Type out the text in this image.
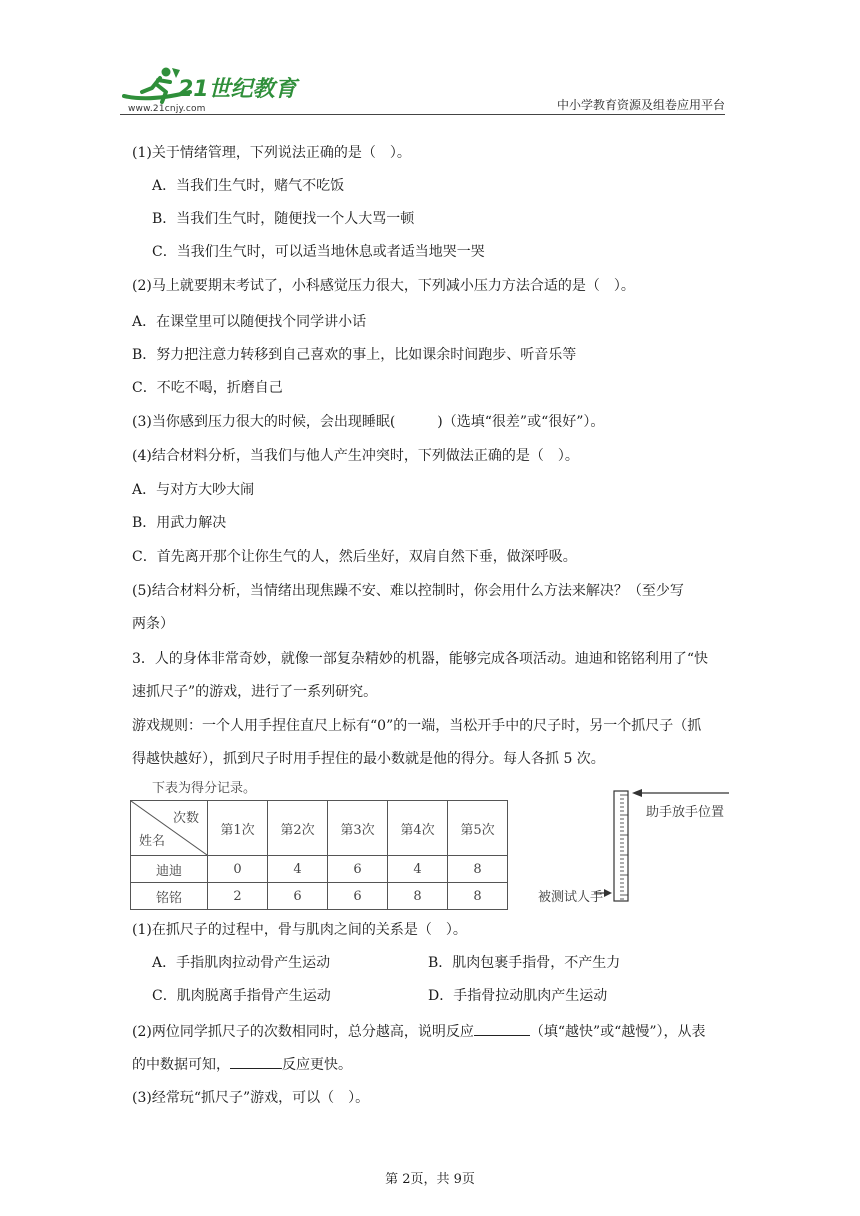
21世纪教育
www.21cnjy.com	中小学教育资源及组卷应用平台
(1)关于情绪管理，下列说法正确的是（　）。
A．当我们生气时，赌气不吃饭
B．当我们生气时，随便找一个人大骂一顿
C．当我们生气时，可以适当地休息或者适当地哭一哭
(2)马上就要期末考试了，小科感觉压力很大，下列减小压力方法合适的是（　）。
A．在课堂里可以随便找个同学讲小话
B．努力把注意力转移到自己喜欢的事上，比如课余时间跑步、听音乐等
C．不吃不喝，折磨自己
(3)当你感到压力很大的时候，会出现睡眠(	)（选填“很差”或“很好”）。
(4)结合材料分析，当我们与他人产生冲突时，下列做法正确的是（　）。
A．与对方大吵大闹
B．用武力解决
C．首先离开那个让你生气的人，然后坐好，双肩自然下垂，做深呼吸。
(5)结合材料分析，当情绪出现焦躁不安、难以控制时，你会用什么方法来解决？（至少写
两条）
3．人的身体非常奇妙，就像一部复杂精妙的机器，能够完成各项活动。迪迪和铭铭利用了“快
速抓尺子”的游戏，进行了一系列研究。
游戏规则：一个人用手捏住直尺上标有“0”的一端，当松开手中的尺子时，另一个抓尺子（抓
得越快越好），抓到尺子时用手捏住的最小数就是他的得分。每人各抓 5 次。
下表为得分记录。
次数
姓名	第1次	第2次	第3次	第4次	第5次
迪迪	0	4	6	4	8
铭铭	2	6	6	8	8
助手放手位置
被测试人手
(1)在抓尺子的过程中，骨与肌肉之间的关系是（　）。
A．手指肌肉拉动骨产生运动	B．肌肉包裹手指骨，不产生力
C．肌肉脱离手指骨产生运动	D．手指骨拉动肌肉产生运动
(2)两位同学抓尺子的次数相同时，总分越高，说明反应	（填“越快”或“越慢”），从表
的中数据可知，	反应更快。
(3)经常玩“抓尺子”游戏，可以（　）。
第 2页，共 9页
